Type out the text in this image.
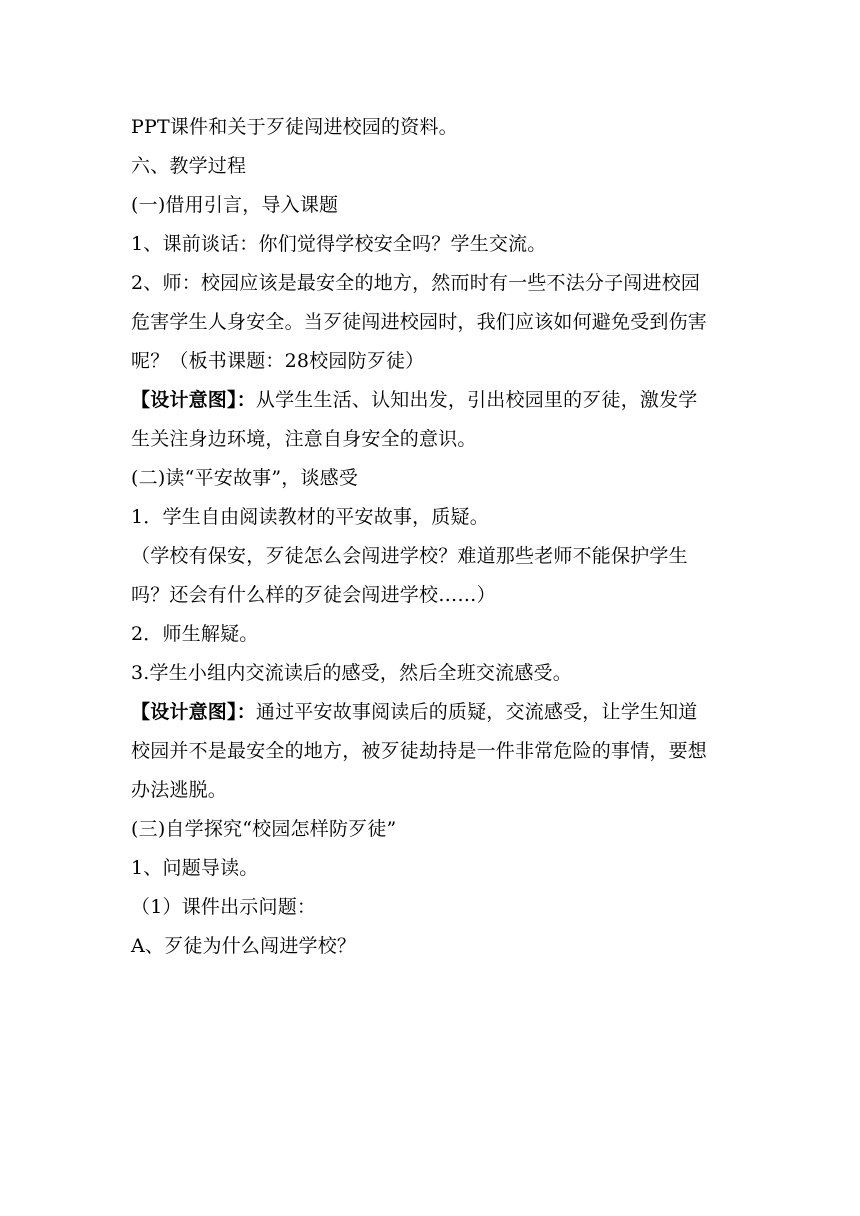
PPT课件和关于歹徒闯进校园的资料。

六、教学过程

(一)借用引言，导入课题

1、课前谈话：你们觉得学校安全吗？学生交流。

2、师：校园应该是最安全的地方，然而时有一些不法分子闯进校园

危害学生人身安全。当歹徒闯进校园时，我们应该如何避免受到伤害

呢？（板书课题：28校园防歹徒）

【设计意图】：从学生生活、认知出发，引出校园里的歹徒，激发学

生关注身边环境，注意自身安全的意识。

(二)读“平安故事”，谈感受

1．学生自由阅读教材的平安故事，质疑。

（学校有保安，歹徒怎么会闯进学校？难道那些老师不能保护学生

吗？还会有什么样的歹徒会闯进学校……）

2．师生解疑。

3.学生小组内交流读后的感受，然后全班交流感受。

【设计意图】：通过平安故事阅读后的质疑，交流感受，让学生知道

校园并不是最安全的地方，被歹徒劫持是一件非常危险的事情，要想

办法逃脱。

(三)自学探究“校园怎样防歹徒”

1、问题导读。

（1）课件出示问题：

A、歹徒为什么闯进学校？
